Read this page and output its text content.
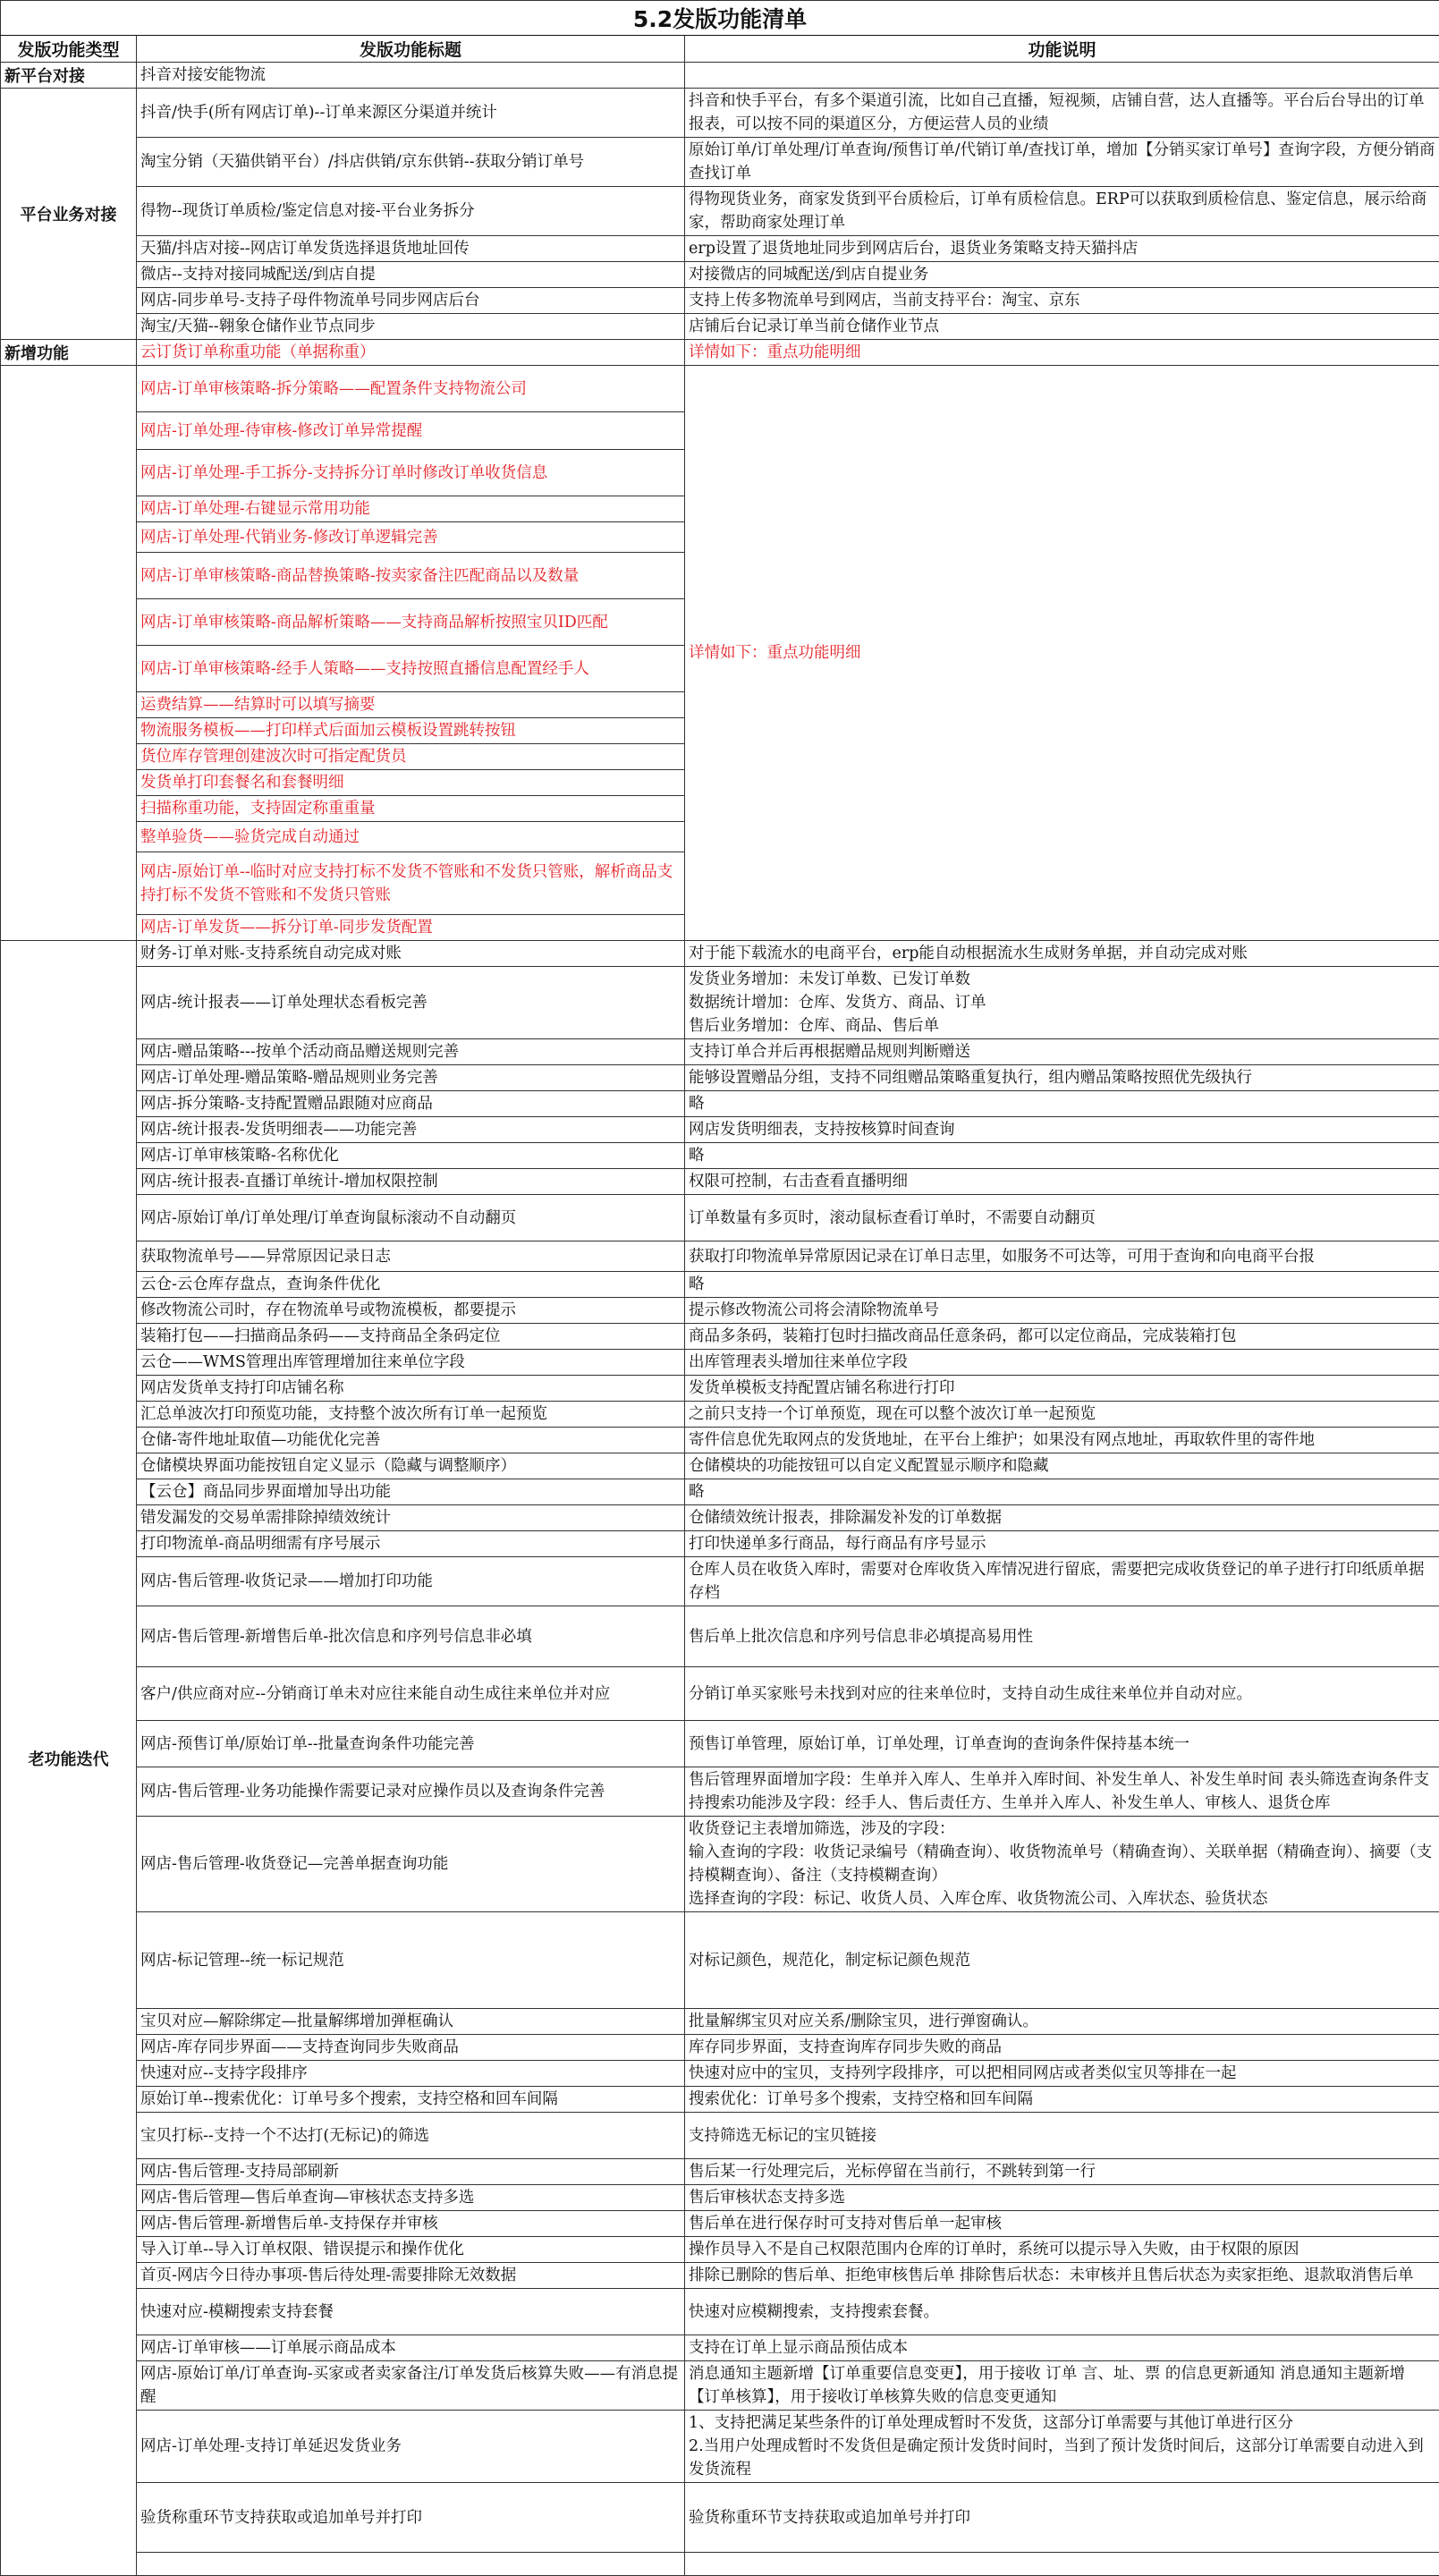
5.2发版功能清单		
发版功能类型	发版功能标题	功能说明
新平台对接	抖音对接安能物流	
平台业务对接	抖音/快手(所有网店订单)--订单来源区分渠道并统计	抖音和快手平台，有多个渠道引流，比如自己直播，短视频，店铺自营，达人直播等。平台后台导出的订单报表，可以按不同的渠道区分，方便运营人员的业绩
	淘宝分销（天猫供销平台）/抖店供销/京东供销--获取分销订单号	原始订单/订单处理/订单查询/预售订单/代销订单/查找订单，增加【分销买家订单号】查询字段，方便分销商查找订单
	得物--现货订单质检/鉴定信息对接-平台业务拆分	得物现货业务，商家发货到平台质检后，订单有质检信息。ERP可以获取到质检信息、鉴定信息，展示给商家，帮助商家处理订单
	天猫/抖店对接--网店订单发货选择退货地址回传	erp设置了退货地址同步到网店后台，退货业务策略支持天猫抖店
	微店--支持对接同城配送/到店自提	对接微店的同城配送/到店自提业务
	网店-同步单号-支持子母件物流单号同步网店后台	支持上传多物流单号到网店，当前支持平台：淘宝、京东
	淘宝/天猫--翱象仓储作业节点同步	店铺后台记录订单当前仓储作业节点
新增功能	云订货订单称重功能（单据称重）	详情如下：重点功能明细
	网店-订单审核策略-拆分策略——配置条件支持物流公司	详情如下：重点功能明细
	网店-订单处理-待审核-修改订单异常提醒	
	网店-订单处理-手工拆分-支持拆分订单时修改订单收货信息	
	网店-订单处理-右键显示常用功能	
	网店-订单处理-代销业务-修改订单逻辑完善	
	网店-订单审核策略-商品替换策略-按卖家备注匹配商品以及数量	
	网店-订单审核策略-商品解析策略——支持商品解析按照宝贝ID匹配	
	网店-订单审核策略-经手人策略——支持按照直播信息配置经手人	
	运费结算——结算时可以填写摘要	
	物流服务模板——打印样式后面加云模板设置跳转按钮	
	货位库存管理创建波次时可指定配货员	
	发货单打印套餐名和套餐明细	
	扫描称重功能，支持固定称重重量	
	整单验货——验货完成自动通过	
	网店-原始订单--临时对应支持打标不发货不管账和不发货只管账，解析商品支持打标不发货不管账和不发货只管账	
	网店-订单发货——拆分订单-同步发货配置	
老功能迭代	财务-订单对账-支持系统自动完成对账	对于能下载流水的电商平台，erp能自动根据流水生成财务单据，并自动完成对账
	网店-统计报表——订单处理状态看板完善	发货业务增加：未发订单数、已发订单数
数据统计增加：仓库、发货方、商品、订单
售后业务增加：仓库、商品、售后单
	网店-赠品策略---按单个活动商品赠送规则完善	支持订单合并后再根据赠品规则判断赠送
	网店-订单处理-赠品策略-赠品规则业务完善	能够设置赠品分组，支持不同组赠品策略重复执行，组内赠品策略按照优先级执行
	网店-拆分策略-支持配置赠品跟随对应商品	略
	网店-统计报表-发货明细表——功能完善	网店发货明细表，支持按核算时间查询
	网店-订单审核策略-名称优化	略
	网店-统计报表-直播订单统计-增加权限控制	权限可控制，右击查看直播明细
	网店-原始订单/订单处理/订单查询鼠标滚动不自动翻页	订单数量有多页时，滚动鼠标查看订单时，不需要自动翻页
	获取物流单号——异常原因记录日志	获取打印物流单异常原因记录在订单日志里，如服务不可达等，可用于查询和向电商平台报
	云仓-云仓库存盘点，查询条件优化	略
	修改物流公司时，存在物流单号或物流模板，都要提示	提示修改物流公司将会清除物流单号
	装箱打包——扫描商品条码——支持商品全条码定位	商品多条码，装箱打包时扫描改商品任意条码，都可以定位商品，完成装箱打包
	云仓——WMS管理出库管理增加往来单位字段	出库管理表头增加往来单位字段
	网店发货单支持打印店铺名称	发货单模板支持配置店铺名称进行打印
	汇总单波次打印预览功能，支持整个波次所有订单一起预览	之前只支持一个订单预览，现在可以整个波次订单一起预览
	仓储-寄件地址取值—功能优化完善	寄件信息优先取网点的发货地址，在平台上维护；如果没有网点地址，再取软件里的寄件地
	仓储模块界面功能按钮自定义显示（隐藏与调整顺序）	仓储模块的功能按钮可以自定义配置显示顺序和隐藏
	【云仓】商品同步界面增加导出功能	略
	错发漏发的交易单需排除掉绩效统计	仓储绩效统计报表，排除漏发补发的订单数据
	打印物流单-商品明细需有序号展示	打印快递单多行商品，每行商品有序号显示
	网店-售后管理-收货记录——增加打印功能	仓库人员在收货入库时，需要对仓库收货入库情况进行留底，需要把完成收货登记的单子进行打印纸质单据存档
	网店-售后管理-新增售后单-批次信息和序列号信息非必填	售后单上批次信息和序列号信息非必填提高易用性
	客户/供应商对应--分销商订单未对应往来能自动生成往来单位并对应	分销订单买家账号未找到对应的往来单位时，支持自动生成往来单位并自动对应。
	网店-预售订单/原始订单--批量查询条件功能完善	预售订单管理，原始订单，订单处理，订单查询的查询条件保持基本统一
	网店-售后管理-业务功能操作需要记录对应操作员以及查询条件完善	售后管理界面增加字段：生单并入库人、生单并入库时间、补发生单人、补发生单时间 表头筛选查询条件支持搜索功能涉及字段：经手人、售后责任方、生单并入库人、补发生单人、审核人、退货仓库
	网店-售后管理-收货登记—完善单据查询功能	收货登记主表增加筛选，涉及的字段：
输入查询的字段：收货记录编号（精确查询）、收货物流单号（精确查询）、关联单据（精确查询）、摘要（支持模糊查询）、备注（支持模糊查询）
选择查询的字段：标记、收货人员、入库仓库、收货物流公司、入库状态、验货状态
	网店-标记管理--统一标记规范	对标记颜色，规范化，制定标记颜色规范
	宝贝对应—解除绑定—批量解绑增加弹框确认	批量解绑宝贝对应关系/删除宝贝，进行弹窗确认。
	网店-库存同步界面——支持查询同步失败商品	库存同步界面，支持查询库存同步失败的商品
	快速对应--支持字段排序	快速对应中的宝贝，支持列字段排序，可以把相同网店或者类似宝贝等排在一起
	原始订单--搜索优化：订单号多个搜索，支持空格和回车间隔	搜索优化：订单号多个搜索，支持空格和回车间隔
	宝贝打标--支持一个不达打(无标记)的筛选	支持筛选无标记的宝贝链接
	网店-售后管理-支持局部刷新	售后某一行处理完后，光标停留在当前行，不跳转到第一行
	网店-售后管理—售后单查询—审核状态支持多选	售后审核状态支持多选
	网店-售后管理-新增售后单-支持保存并审核	售后单在进行保存时可支持对售后单一起审核
	导入订单--导入订单权限、错误提示和操作优化	操作员导入不是自己权限范围内仓库的订单时，系统可以提示导入失败，由于权限的原因
	首页-网店今日待办事项-售后待处理-需要排除无效数据	排除已删除的售后单、拒绝审核售后单 排除售后状态：未审核并且售后状态为卖家拒绝、退款取消售后单
	快速对应-模糊搜索支持套餐	快速对应模糊搜索，支持搜索套餐。
	网店-订单审核——订单展示商品成本	支持在订单上显示商品预估成本
	网店-原始订单/订单查询-买家或者卖家备注/订单发货后核算失败——有消息提醒	消息通知主题新增【订单重要信息变更】，用于接收 订单 言、址、票 的信息更新通知 消息通知主题新增【订单核算】，用于接收订单核算失败的信息变更通知
	网店-订单处理-支持订单延迟发货业务	1、支持把满足某些条件的订单处理成暂时不发货，这部分订单需要与其他订单进行区分
2.当用户处理成暂时不发货但是确定预计发货时间时，当到了预计发货时间后，这部分订单需要自动进入到发货流程
	验货称重环节支持获取或追加单号并打印	验货称重环节支持获取或追加单号并打印
